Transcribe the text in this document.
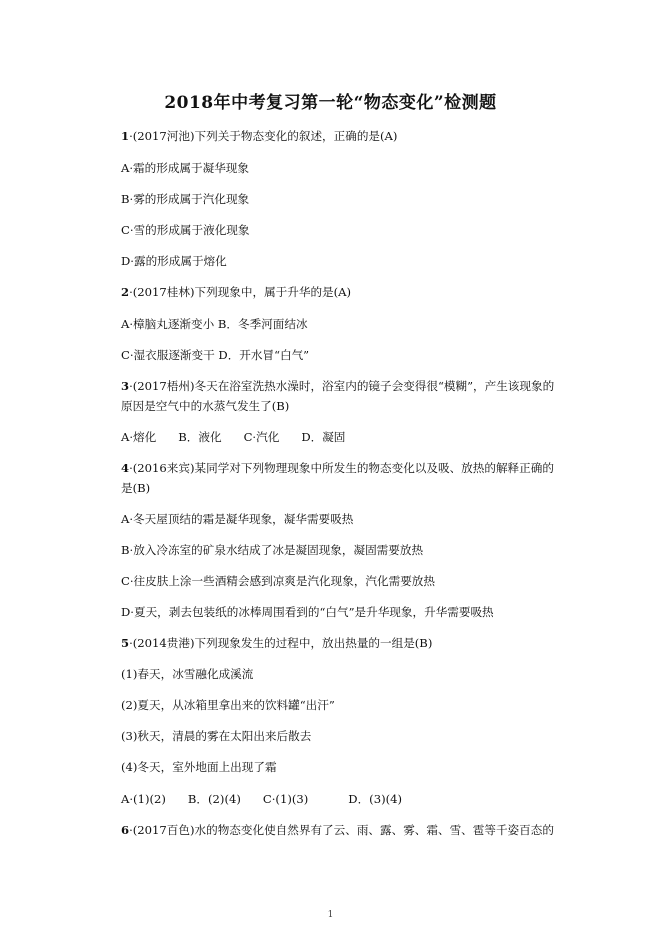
2018年中考复习第一轮“物态变化”检测题
1·(2017河池)下列关于物态变化的叙述，正确的是(A)
A·霜的形成属于凝华现象
B·雾的形成属于汽化现象
C·雪的形成属于液化现象
D·露的形成属于熔化
2·(2017桂林)下列现象中，属于升华的是(A)
A·樟脑丸逐渐变小 B．冬季河面结冰
C·湿衣服逐渐变干 D．开水冒“白气”
3·(2017梧州)冬天在浴室洗热水澡时，浴室内的镜子会变得很“模糊”，产生该现象的
原因是空气中的水蒸气发生了(B)
A·熔化 B．液化 C·汽化 D．凝固
4·(2016来宾)某同学对下列物理现象中所发生的物态变化以及吸、放热的解释正确的
是(B)
A·冬天屋顶结的霜是凝华现象，凝华需要吸热
B·放入冷冻室的矿泉水结成了冰是凝固现象，凝固需要放热
C·往皮肤上涂一些酒精会感到凉爽是汽化现象，汽化需要放热
D·夏天，剥去包装纸的冰棒周围看到的“白气”是升华现象，升华需要吸热
5·(2014贵港)下列现象发生的过程中，放出热量的一组是(B)
(1)春天，冰雪融化成溪流
(2)夏天，从冰箱里拿出来的饮料罐“出汗”
(3)秋天，清晨的雾在太阳出来后散去
(4)冬天，室外地面上出现了霜
A·(1)(2) B．(2)(4) C·(1)(3)	D．(3)(4)
6·(2017百色)水的物态变化使自然界有了云、雨、露、雾、霜、雪、雹等千姿百态的
1
